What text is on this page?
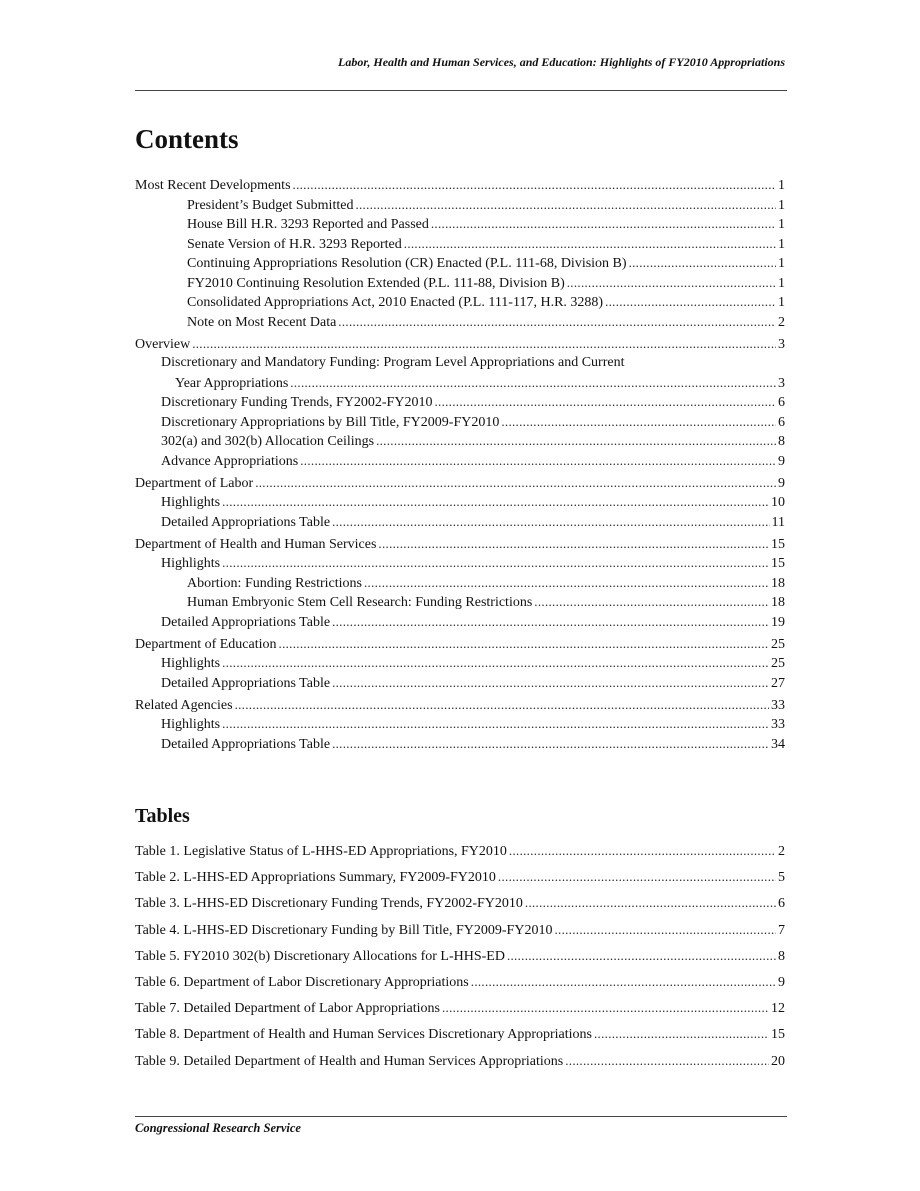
Labor, Health and Human Services, and Education: Highlights of FY2010 Appropriations
Contents
Most Recent Developments .....	1
President’s Budget Submitted .....	1
House Bill H.R. 3293 Reported and Passed .....	1
Senate Version of H.R. 3293 Reported .....	1
Continuing Appropriations Resolution (CR) Enacted (P.L. 111-68, Division B) .....	1
FY2010 Continuing Resolution Extended (P.L. 111-88, Division B) .....	1
Consolidated Appropriations Act, 2010 Enacted (P.L. 111-117, H.R. 3288) .....	1
Note on Most Recent Data .....	2
Overview .....	3
Discretionary and Mandatory Funding: Program Level Appropriations and Current
Year Appropriations .....	3
Discretionary Funding Trends, FY2002-FY2010 .....	6
Discretionary Appropriations by Bill Title, FY2009-FY2010 .....	6
302(a) and 302(b) Allocation Ceilings .....	8
Advance Appropriations .....	9
Department of Labor .....	9
Highlights .....	10
Detailed Appropriations Table .....	11
Department of Health and Human Services .....	15
Highlights .....	15
Abortion: Funding Restrictions .....	18
Human Embryonic Stem Cell Research: Funding Restrictions .....	18
Detailed Appropriations Table .....	19
Department of Education .....	25
Highlights .....	25
Detailed Appropriations Table .....	27
Related Agencies .....	33
Highlights .....	33
Detailed Appropriations Table .....	34
Tables
Table 1. Legislative Status of L-HHS-ED Appropriations, FY2010 .....	2
Table 2. L-HHS-ED Appropriations Summary, FY2009-FY2010 .....	5
Table 3. L-HHS-ED Discretionary Funding Trends, FY2002-FY2010 .....	6
Table 4. L-HHS-ED Discretionary Funding by Bill Title, FY2009-FY2010 .....	7
Table 5. FY2010 302(b) Discretionary Allocations for L-HHS-ED .....	8
Table 6. Department of Labor Discretionary Appropriations .....	9
Table 7. Detailed Department of Labor Appropriations .....	12
Table 8. Department of Health and Human Services Discretionary Appropriations .....	15
Table 9. Detailed Department of Health and Human Services Appropriations .....	20
Congressional Research Service
